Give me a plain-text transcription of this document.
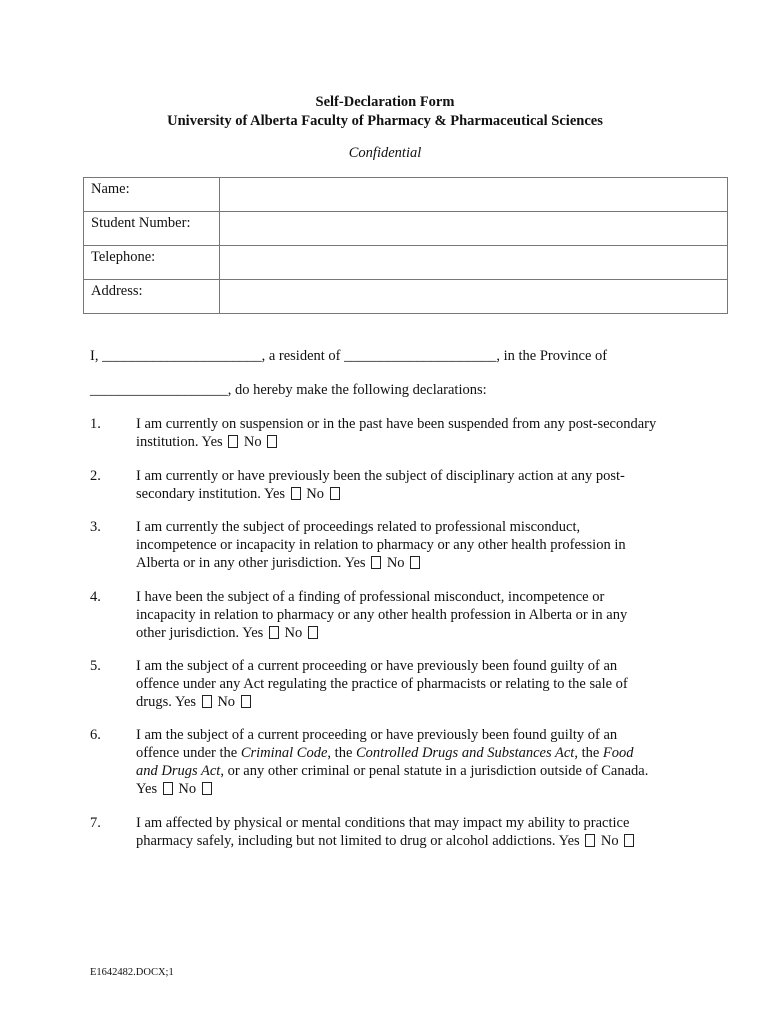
Self-Declaration Form
University of Alberta Faculty of Pharmacy & Pharmaceutical Sciences
Confidential
Name:	

Student Number:	

Telephone:	

Address:	
I, ______________________, a resident of _____________________, in the Province of
___________________, do hereby make the following declarations:
1. I am currently on suspension or in the past have been suspended from any post-secondary
institution. Yes No
2. I am currently or have previously been the subject of disciplinary action at any post-
secondary institution. Yes No
3. I am currently the subject of proceedings related to professional misconduct,
incompetence or incapacity in relation to pharmacy or any other health profession in
Alberta or in any other jurisdiction. Yes No
4. I have been the subject of a finding of professional misconduct, incompetence or
incapacity in relation to pharmacy or any other health profession in Alberta or in any
other jurisdiction. Yes No
5. I am the subject of a current proceeding or have previously been found guilty of an
offence under any Act regulating the practice of pharmacists or relating to the sale of
drugs. Yes No
6. I am the subject of a current proceeding or have previously been found guilty of an
offence under the Criminal Code, the Controlled Drugs and Substances Act, the Food
and Drugs Act, or any other criminal or penal statute in a jurisdiction outside of Canada.
Yes No
7. I am affected by physical or mental conditions that may impact my ability to practice
pharmacy safely, including but not limited to drug or alcohol addictions. Yes No
E1642482.DOCX;1
